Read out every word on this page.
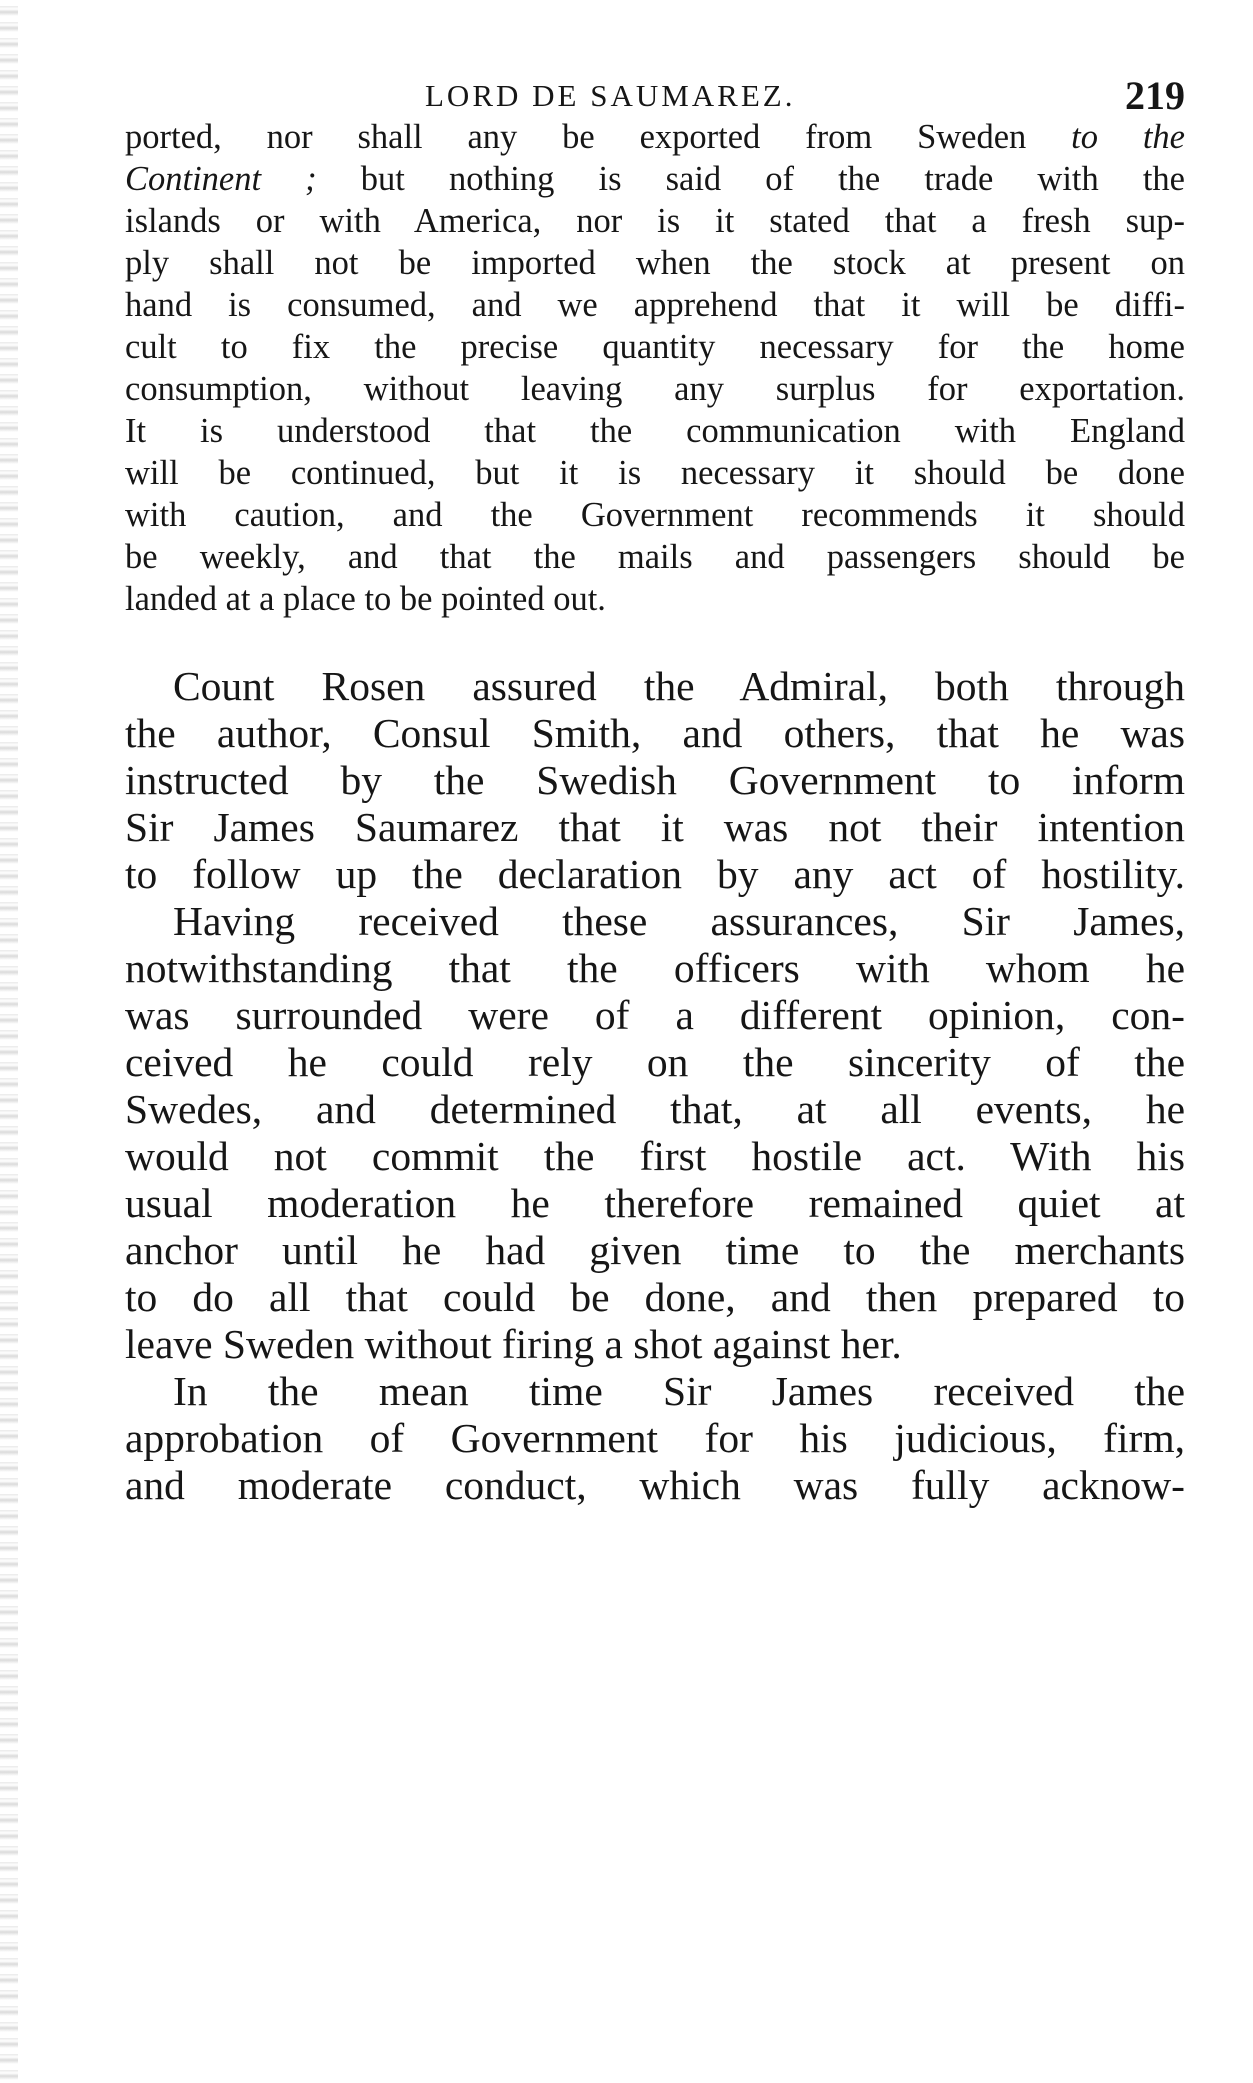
LORD DE SAUMAREZ.	219
ported, nor shall any be exported from Sweden to the
Continent ; but nothing is said of the trade with the
islands or with America, nor is it stated that a fresh sup-
ply shall not be imported when the stock at present on
hand is consumed, and we apprehend that it will be diffi-
cult to fix the precise quantity necessary for the home
consumption, without leaving any surplus for exportation.
It is understood that the communication with England
will be continued, but it is necessary it should be done
with caution, and the Government recommends it should
be weekly, and that the mails and passengers should be
landed at a place to be pointed out.
Count Rosen assured the Admiral, both through
the author, Consul Smith, and others, that he was
instructed by the Swedish Government to inform
Sir James Saumarez that it was not their intention
to follow up the declaration by any act of hostility.
Having received these assurances, Sir James,
notwithstanding that the officers with whom he
was surrounded were of a different opinion, con-
ceived he could rely on the sincerity of the
Swedes, and determined that, at all events, he
would not commit the first hostile act. With his
usual moderation he therefore remained quiet at
anchor until he had given time to the merchants
to do all that could be done, and then prepared to
leave Sweden without firing a shot against her.
In the mean time Sir James received the
approbation of Government for his judicious, firm,
and moderate conduct, which was fully acknow-
